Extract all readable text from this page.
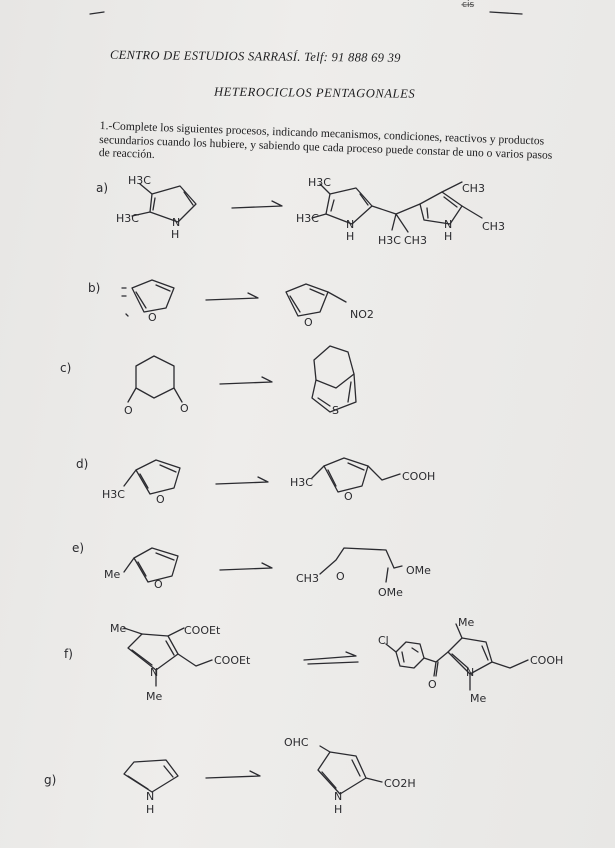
c̶i̶s̶
CENTRO DE ESTUDIOS SARRASÍ. Telf: 91 888 69 39
HETEROCICLOS PENTAGONALES
1.-Complete los siguientes procesos, indicando mecanismos, condiciones, reactivos y productos secundarios cuando los hubiere, y sabiendo que cada proceso puede constar de uno o varios pasos de reacción.
a)
H3C
H3C	N
H
H3C
H3C N
H H3C CH3
CH3
N
H
CH3
b)
O	O
NO2
c)
O	O	S
d)
H3C	O
H3C
O
COOH
e)
Me
O	CH3 O	OMe
OMe
f)
Me	COOEt
COOEt
N
Me
Cl
O
Me
N
Me
COOH
g)
N
H
OHC
N
H
CO2H
